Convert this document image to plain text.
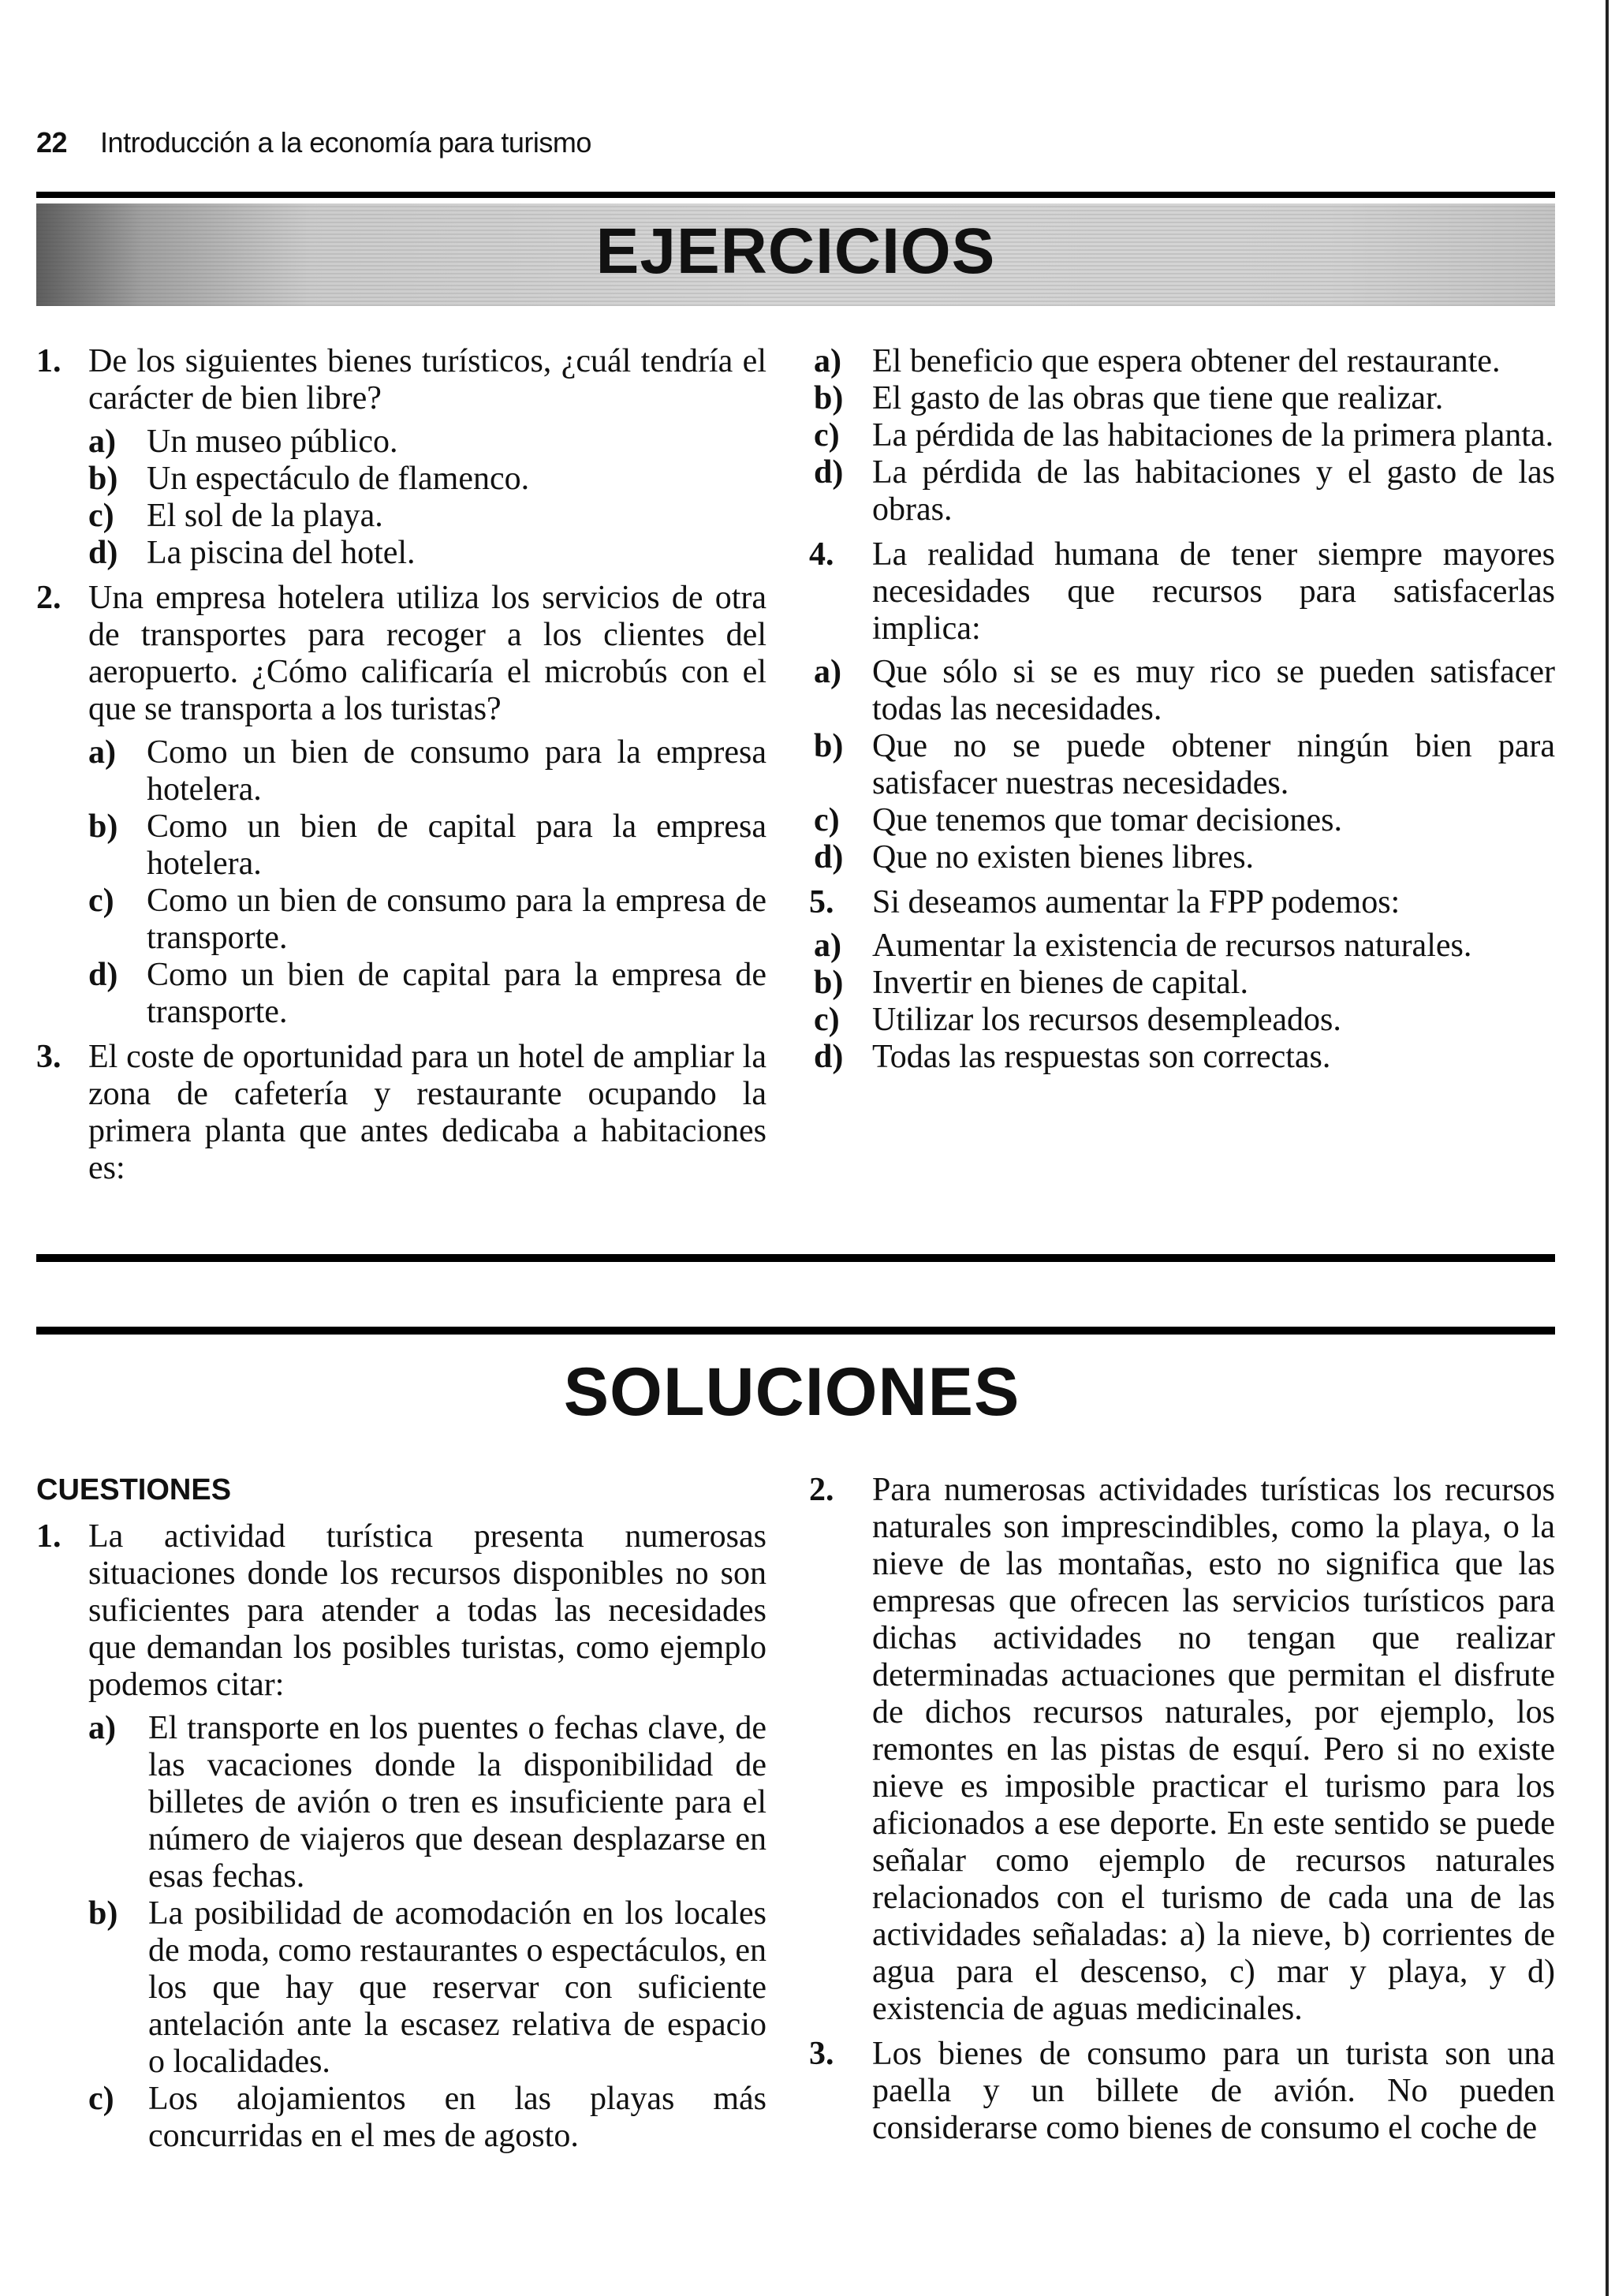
22 Introducción a la economía para turismo
EJERCICIOS
1. De los siguientes bienes turísticos, ¿cuál tendría el carácter de bien libre?
a) Un museo público.
b) Un espectáculo de flamenco.
c) El sol de la playa.
d) La piscina del hotel.
2. Una empresa hotelera utiliza los servicios de otra de transportes para recoger a los clientes del aeropuerto. ¿Cómo calificaría el microbús con el que se transporta a los turistas?
a) Como un bien de consumo para la empresa hotelera.
b) Como un bien de capital para la empresa hotelera.
c) Como un bien de consumo para la empresa de transporte.
d) Como un bien de capital para la empresa de transporte.
3. El coste de oportunidad para un hotel de ampliar la zona de cafetería y restaurante ocupando la primera planta que antes dedicaba a habitaciones es:
a) El beneficio que espera obtener del restaurante.
b) El gasto de las obras que tiene que realizar.
c) La pérdida de las habitaciones de la primera planta.
d) La pérdida de las habitaciones y el gasto de las obras.
4. La realidad humana de tener siempre mayores necesidades que recursos para satisfacerlas implica:
a) Que sólo si se es muy rico se pueden satisfacer todas las necesidades.
b) Que no se puede obtener ningún bien para satisfacer nuestras necesidades.
c) Que tenemos que tomar decisiones.
d) Que no existen bienes libres.
5. Si deseamos aumentar la FPP podemos:
a) Aumentar la existencia de recursos naturales.
b) Invertir en bienes de capital.
c) Utilizar los recursos desempleados.
d) Todas las respuestas son correctas.
SOLUCIONES
CUESTIONES
1. La actividad turística presenta numerosas situaciones donde los recursos disponibles no son suficientes para atender a todas las necesidades que demandan los posibles turistas, como ejemplo podemos citar:
a) El transporte en los puentes o fechas clave, de las vacaciones donde la disponibilidad de billetes de avión o tren es insuficiente para el número de viajeros que desean desplazarse en esas fechas.
b) La posibilidad de acomodación en los locales de moda, como restaurantes o espectáculos, en los que hay que reservar con suficiente antelación ante la escasez relativa de espacio o localidades.
c) Los alojamientos en las playas más concurridas en el mes de agosto.
2. Para numerosas actividades turísticas los recursos naturales son imprescindibles, como la playa, o la nieve de las montañas, esto no significa que las empresas que ofrecen las servicios turísticos para dichas actividades no tengan que realizar determinadas actuaciones que permitan el disfrute de dichos recursos naturales, por ejemplo, los remontes en las pistas de esquí. Pero si no existe nieve es imposible practicar el turismo para los aficionados a ese deporte. En este sentido se puede señalar como ejemplo de recursos naturales relacionados con el turismo de cada una de las actividades señaladas: a) la nieve, b) corrientes de agua para el descenso, c) mar y playa, y d) existencia de aguas medicinales.
3. Los bienes de consumo para un turista son una paella y un billete de avión. No pueden considerarse como bienes de consumo el coche de
